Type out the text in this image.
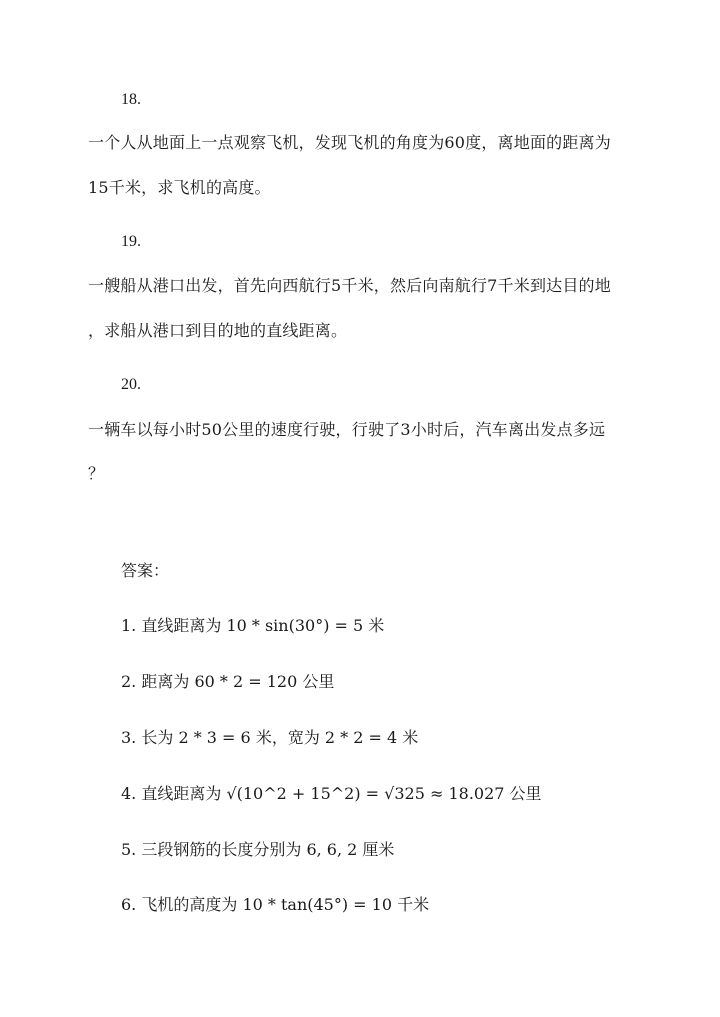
18.
一个人从地面上一点观察飞机，发现飞机的角度为60度，离地面的距离为
15千米，求飞机的高度。
19.
一艘船从港口出发，首先向西航行5千米，然后向南航行7千米到达目的地
，求船从港口到目的地的直线距离。
20.
一辆车以每小时50公里的速度行驶，行驶了3小时后，汽车离出发点多远
？
答案：
1. 直线距离为 10 * sin(30°) = 5 米
2. 距离为 60 * 2 = 120 公里
3. 长为 2 * 3 = 6 米，宽为 2 * 2 = 4 米
4. 直线距离为 √(10^2 + 15^2) = √325 ≈ 18.027 公里
5. 三段钢筋的长度分别为 6, 6, 2 厘米
6. 飞机的高度为 10 * tan(45°) = 10 千米
